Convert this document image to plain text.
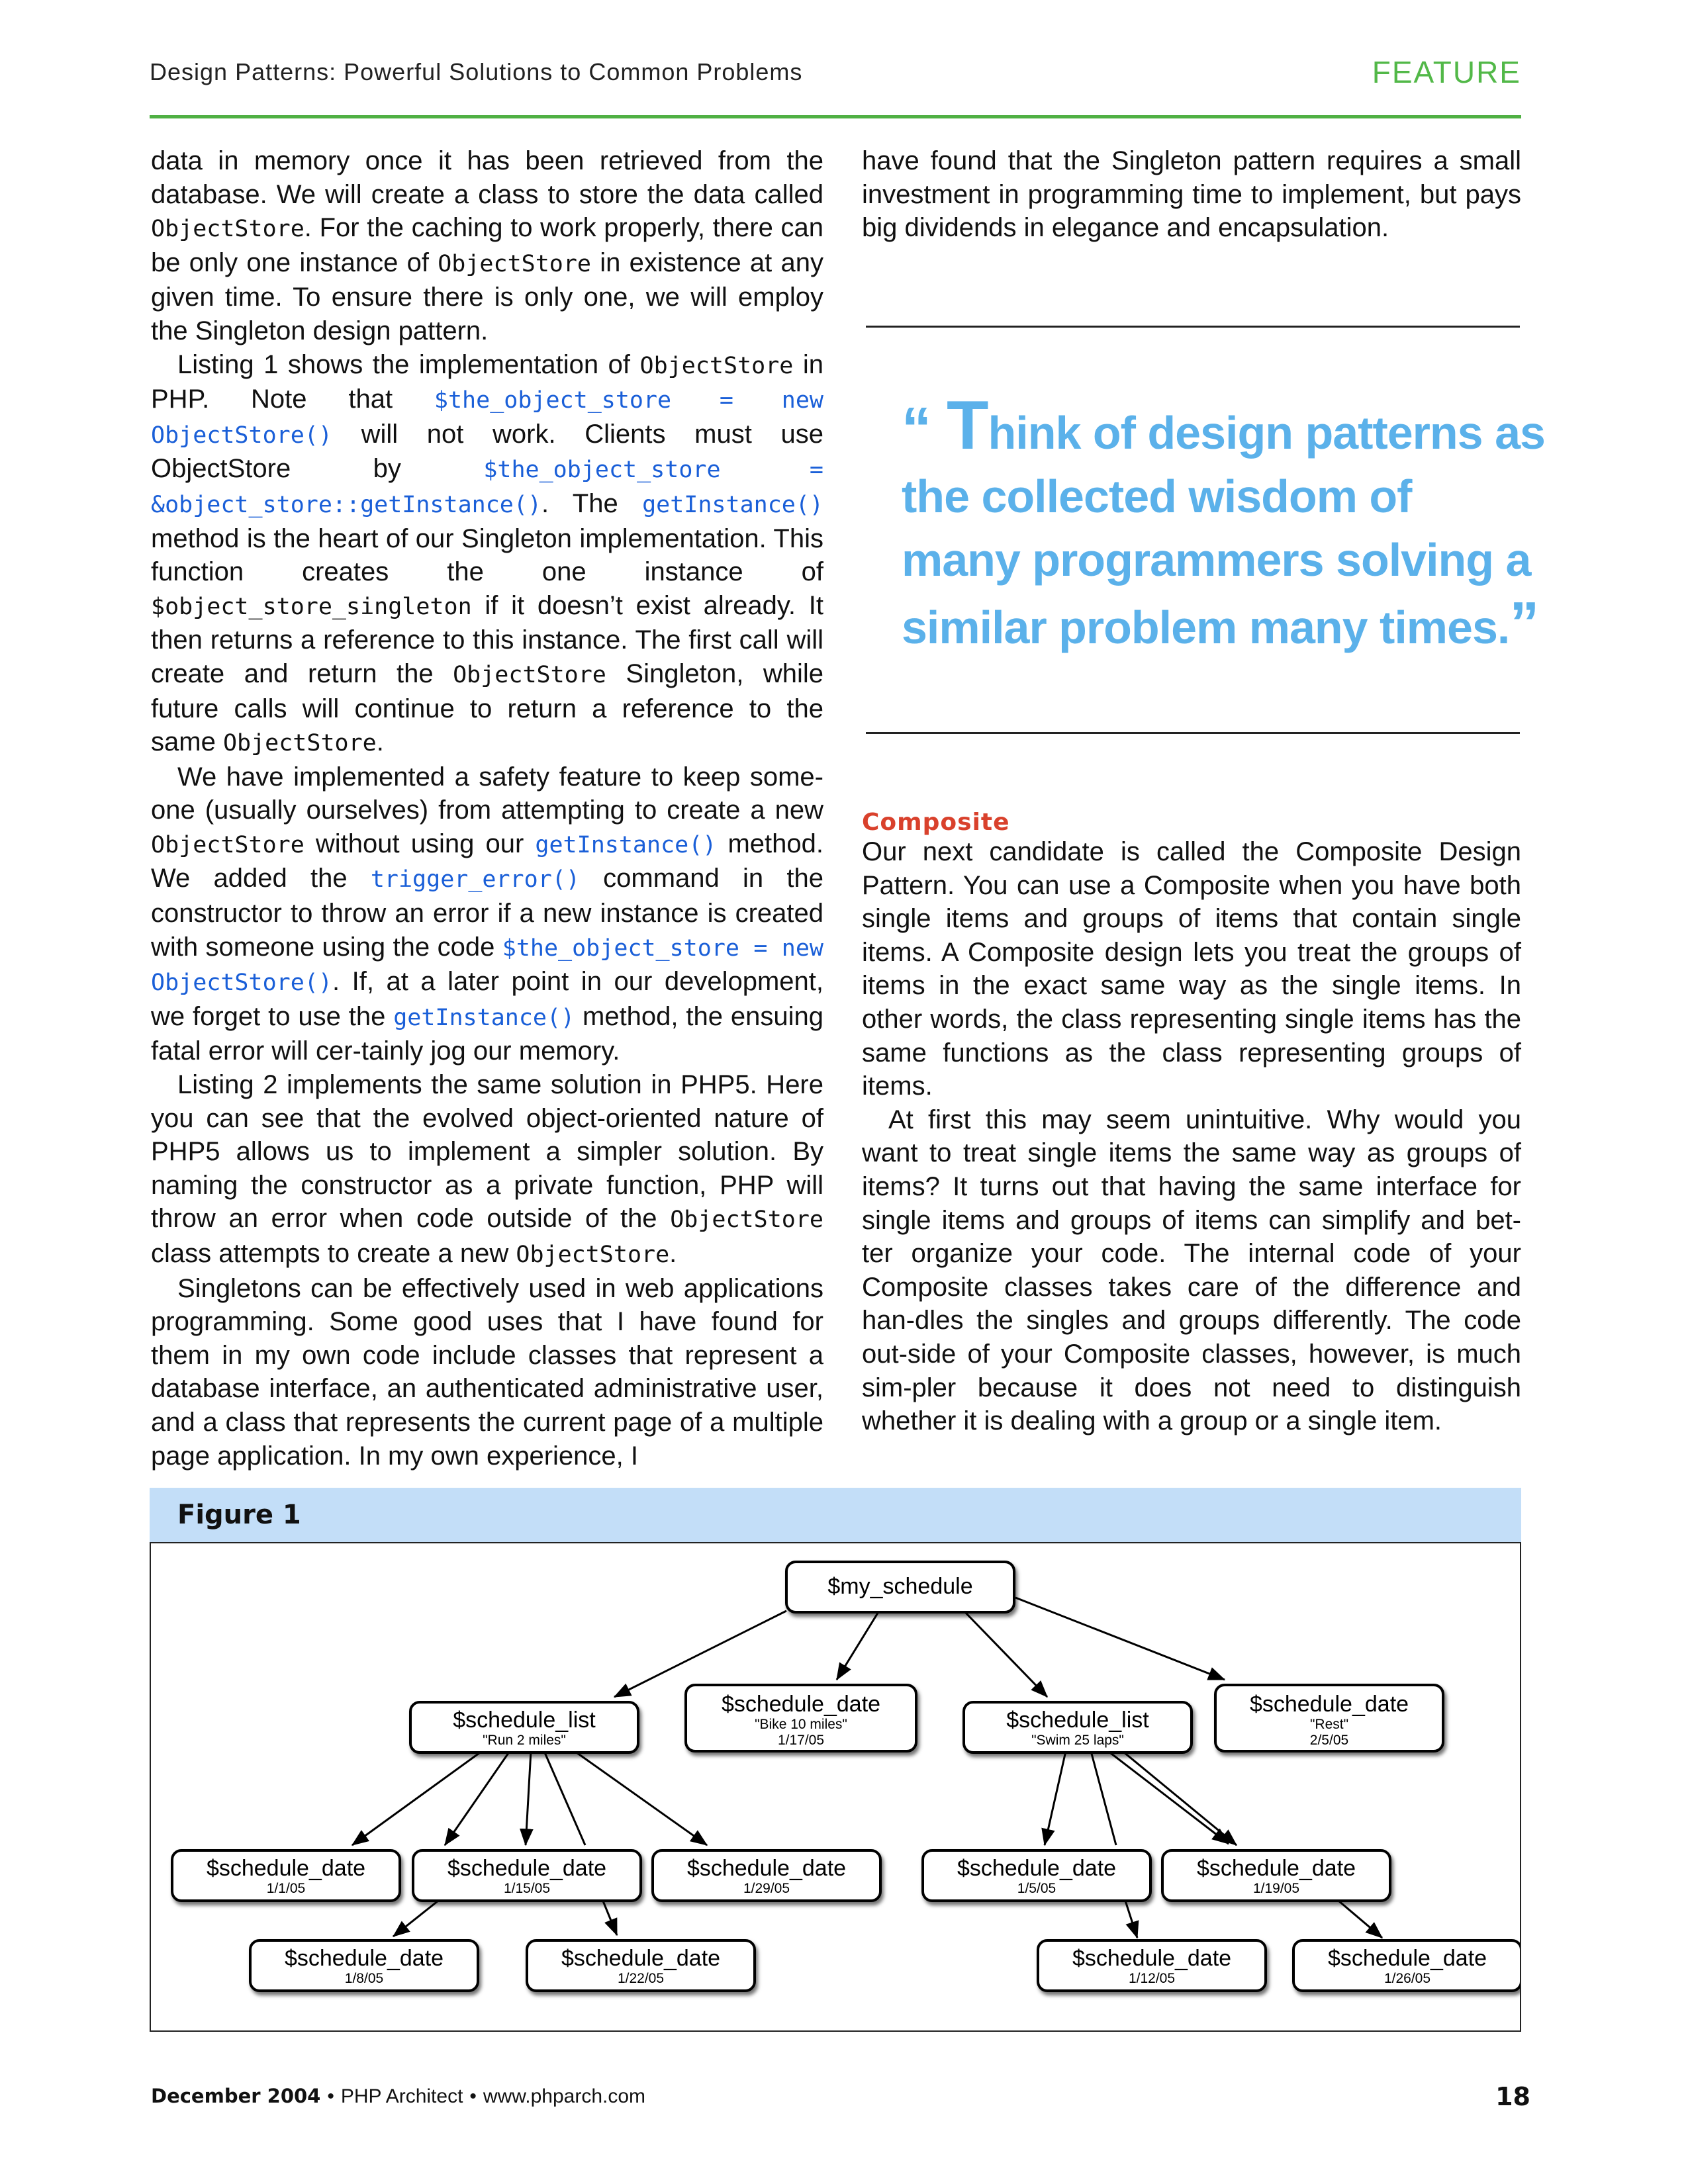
Design Patterns: Powerful Solutions to Common Problems	FEATURE

data in memory once it has been retrieved from the database. We will create a class to store the data called ObjectStore. For the caching to work properly, there can be only one instance of ObjectStore in existence at any given time. To ensure there is only one, we will employ the Singleton design pattern.

Listing 1 shows the implementation of ObjectStore in PHP. Note that $the_object_store = new ObjectStore() will not work. Clients must use ObjectStore by $the_object_store = &object_store::getInstance(). The getInstance() method is the heart of our Singleton implementation. This function creates the one instance of $object_store_singleton if it doesn’t exist already. It then returns a reference to this instance. The first call will create and return the ObjectStore Singleton, while future calls will continue to return a reference to the same ObjectStore.

We have implemented a safety feature to keep some-one (usually ourselves) from attempting to create a new ObjectStore without using our getInstance() method. We added the trigger_error() command in the constructor to throw an error if a new instance is created with someone using the code $the_object_store = new ObjectStore(). If, at a later point in our development, we forget to use the getInstance() method, the ensuing fatal error will cer-tainly jog our memory.

Listing 2 implements the same solution in PHP5. Here you can see that the evolved object-oriented nature of PHP5 allows us to implement a simpler solution. By naming the constructor as a private function, PHP will throw an error when code outside of the ObjectStore class attempts to create a new ObjectStore.

Singletons can be effectively used in web applications programming. Some good uses that I have found for them in my own code include classes that represent a database interface, an authenticated administrative user, and a class that represents the current page of a multiple page application. In my own experience, I

have found that the Singleton pattern requires a small investment in programming time to implement, but pays big dividends in elegance and encapsulation.

“ Think of design patterns as
the collected wisdom of
many programmers solving a
similar problem many times.”
Composite

Our next candidate is called the Composite Design Pattern. You can use a Composite when you have both single items and groups of items that contain single items. A Composite design lets you treat the groups of items in the exact same way as the single items. In other words, the class representing single items has the same functions as the class representing groups of items.

At first this may seem unintuitive. Why would you want to treat single items the same way as groups of items? It turns out that having the same interface for single items and groups of items can simplify and bet-ter organize your code. The internal code of your Composite classes takes care of the difference and han-dles the singles and groups differently. The code out-side of your Composite classes, however, is much sim-pler because it does not need to distinguish whether it is dealing with a group or a single item.

Figure 1
$my_schedule
$schedule_list
"Run 2 miles"
$schedule_date
"Bike 10 miles"
1/17/05
$schedule_list
"Swim 25 laps"
$schedule_date
"Rest"
2/5/05
$schedule_date
1/1/05
$schedule_date
1/15/05
$schedule_date
1/29/05
$schedule_date
1/5/05
$schedule_date
1/19/05
$schedule_date
1/8/05
$schedule_date
1/22/05
$schedule_date
1/12/05
$schedule_date
1/26/05
December 2004 • PHP Architect • www.phparch.com	18
